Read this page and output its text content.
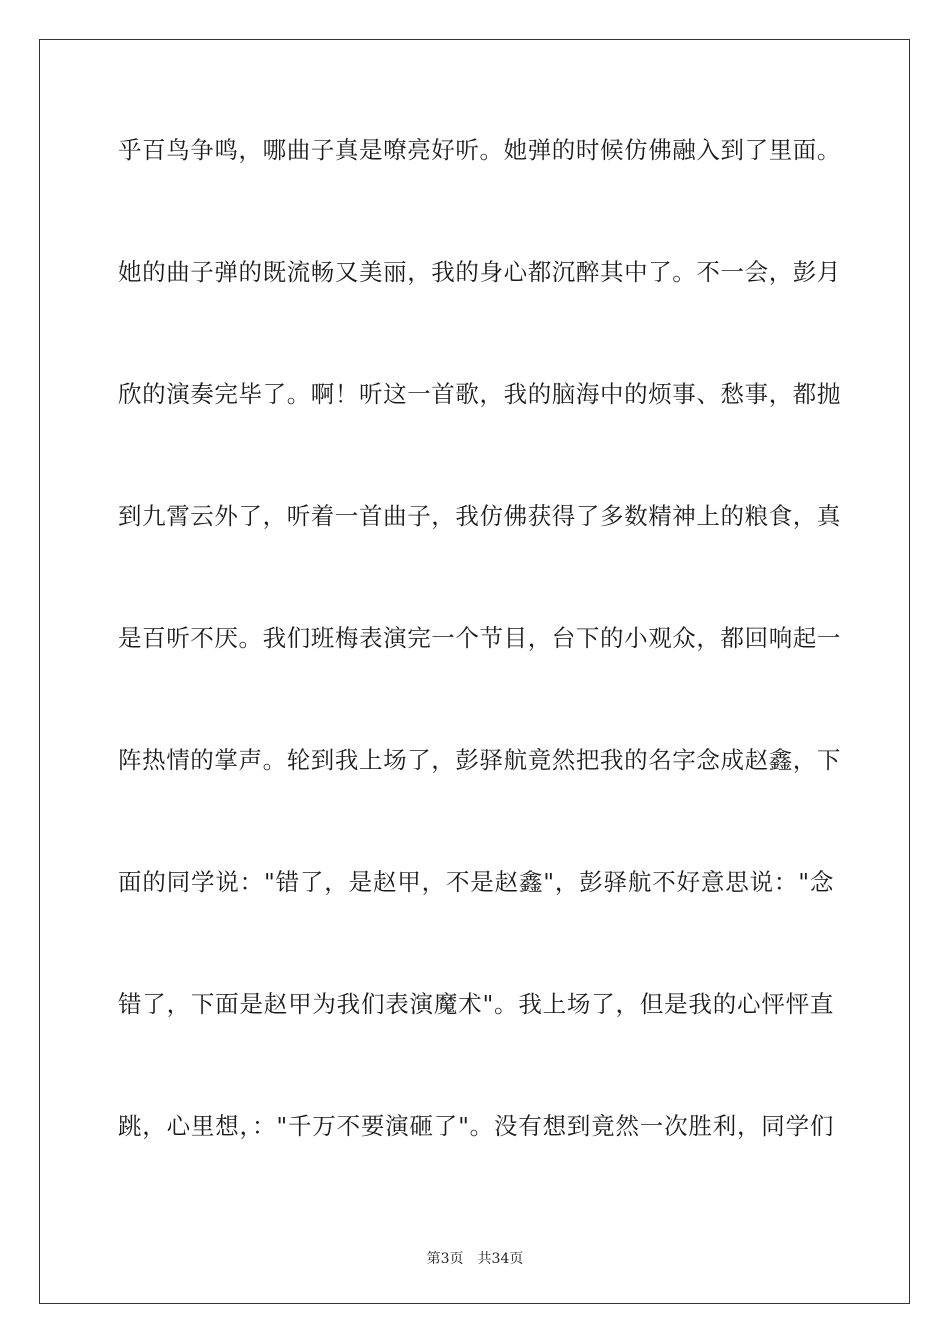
乎百鸟争鸣，哪曲子真是嘹亮好听。她弹的时候仿佛融入到了里面。
她的曲子弹的既流畅又美丽，我的身心都沉醉其中了。不一会，彭月
欣的演奏完毕了。啊！听这一首歌，我的脑海中的烦事、愁事，都抛
到九霄云外了，听着一首曲子，我仿佛获得了多数精神上的粮食，真
是百听不厌。我们班梅表演完一个节目，台下的小观众，都回响起一
阵热情的掌声。轮到我上场了，彭驿航竟然把我的名字念成赵鑫，下
面的同学说："错了，是赵甲，不是赵鑫"，彭驿航不好意思说："念
错了，下面是赵甲为我们表演魔术"。我上场了，但是我的心怦怦直
跳，心里想，："千万不要演砸了"。没有想到竟然一次胜利，同学们
第3页　共34页
